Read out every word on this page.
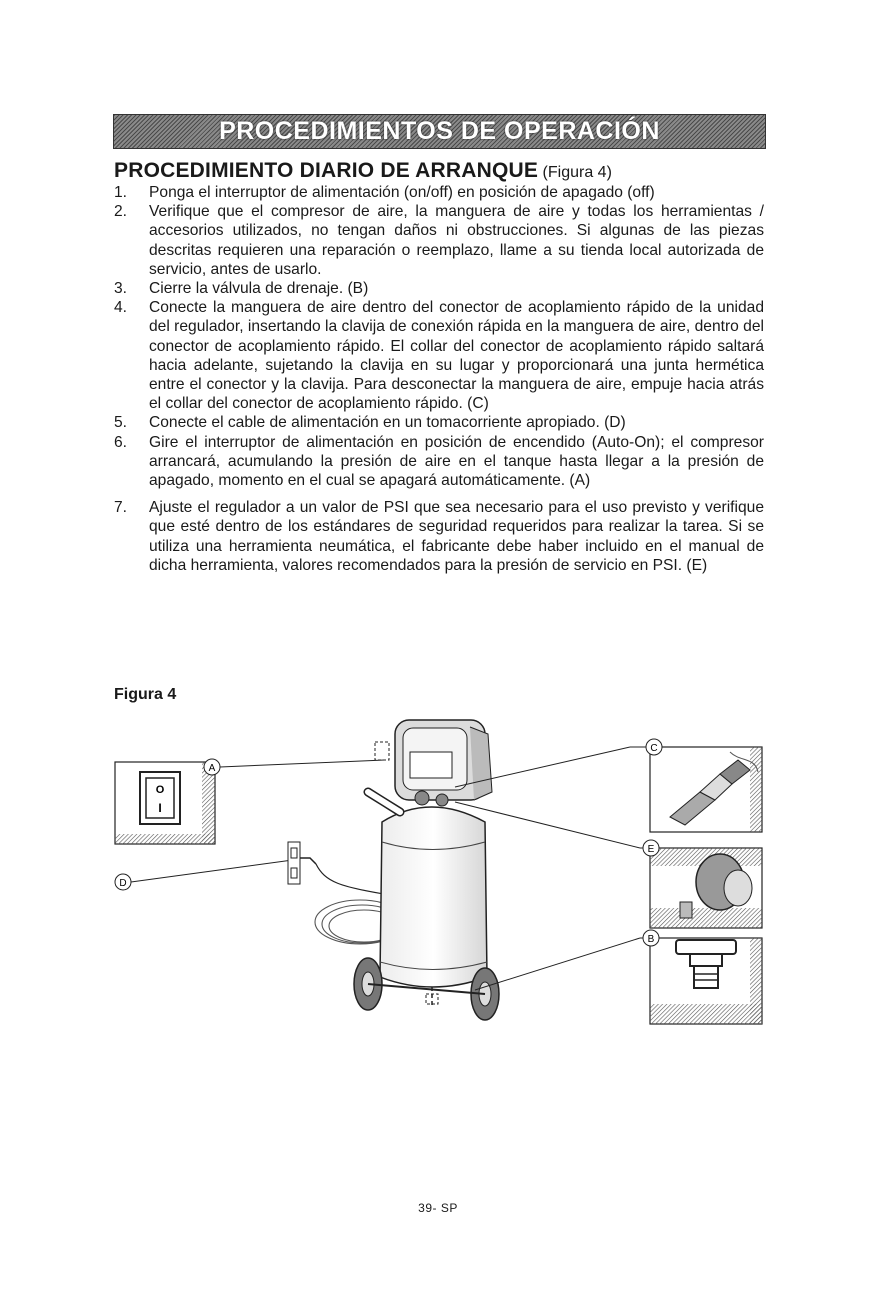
PROCEDIMIENTOS DE OPERACIÓN
PROCEDIMIENTO DIARIO DE ARRANQUE (Figura 4)
1. Ponga el interruptor de alimentación (on/off) en posición de apagado (off)
2. Verifique que el compresor de aire, la manguera de aire y todas los herramientas / accesorios utilizados, no tengan daños ni obstrucciones. Si algunas de las piezas descritas requieren una reparación o reemplazo, llame a su tienda local autorizada de servicio, antes de usarlo.
3. Cierre la válvula de drenaje. (B)
4. Conecte la manguera de aire dentro del conector de acoplamiento rápido de la unidad del regulador, insertando la clavija de conexión rápida en la manguera de aire, dentro del conector de acoplamiento rápido. El collar del conector de acoplamiento rápido saltará hacia adelante, sujetando la clavija en su lugar y proporcionará una junta hermética entre el conector y la clavija. Para desconectar la manguera de aire, empuje hacia atrás el collar del conector de acoplamiento rápido. (C)
5. Conecte el cable de alimentación en un tomacorriente apropiado. (D)
6. Gire el interruptor de alimentación en posición de encendido (Auto-On); el compresor arrancará, acumulando la presión de aire en el tanque hasta llegar a la presión de apagado, momento en el cual se apagará automáticamente. (A)
7. Ajuste el regulador a un valor de PSI que sea necesario para el uso previsto y verifique que esté dentro de los estándares de seguridad requeridos para realizar la tarea. Si se utiliza una herramienta neumática, el fabricante debe haber incluido en el manual de dicha herramienta, valores recomendados para la presión de servicio en PSI. (E)
Figura 4
O
I
A
D
C
E
B
39- SP
